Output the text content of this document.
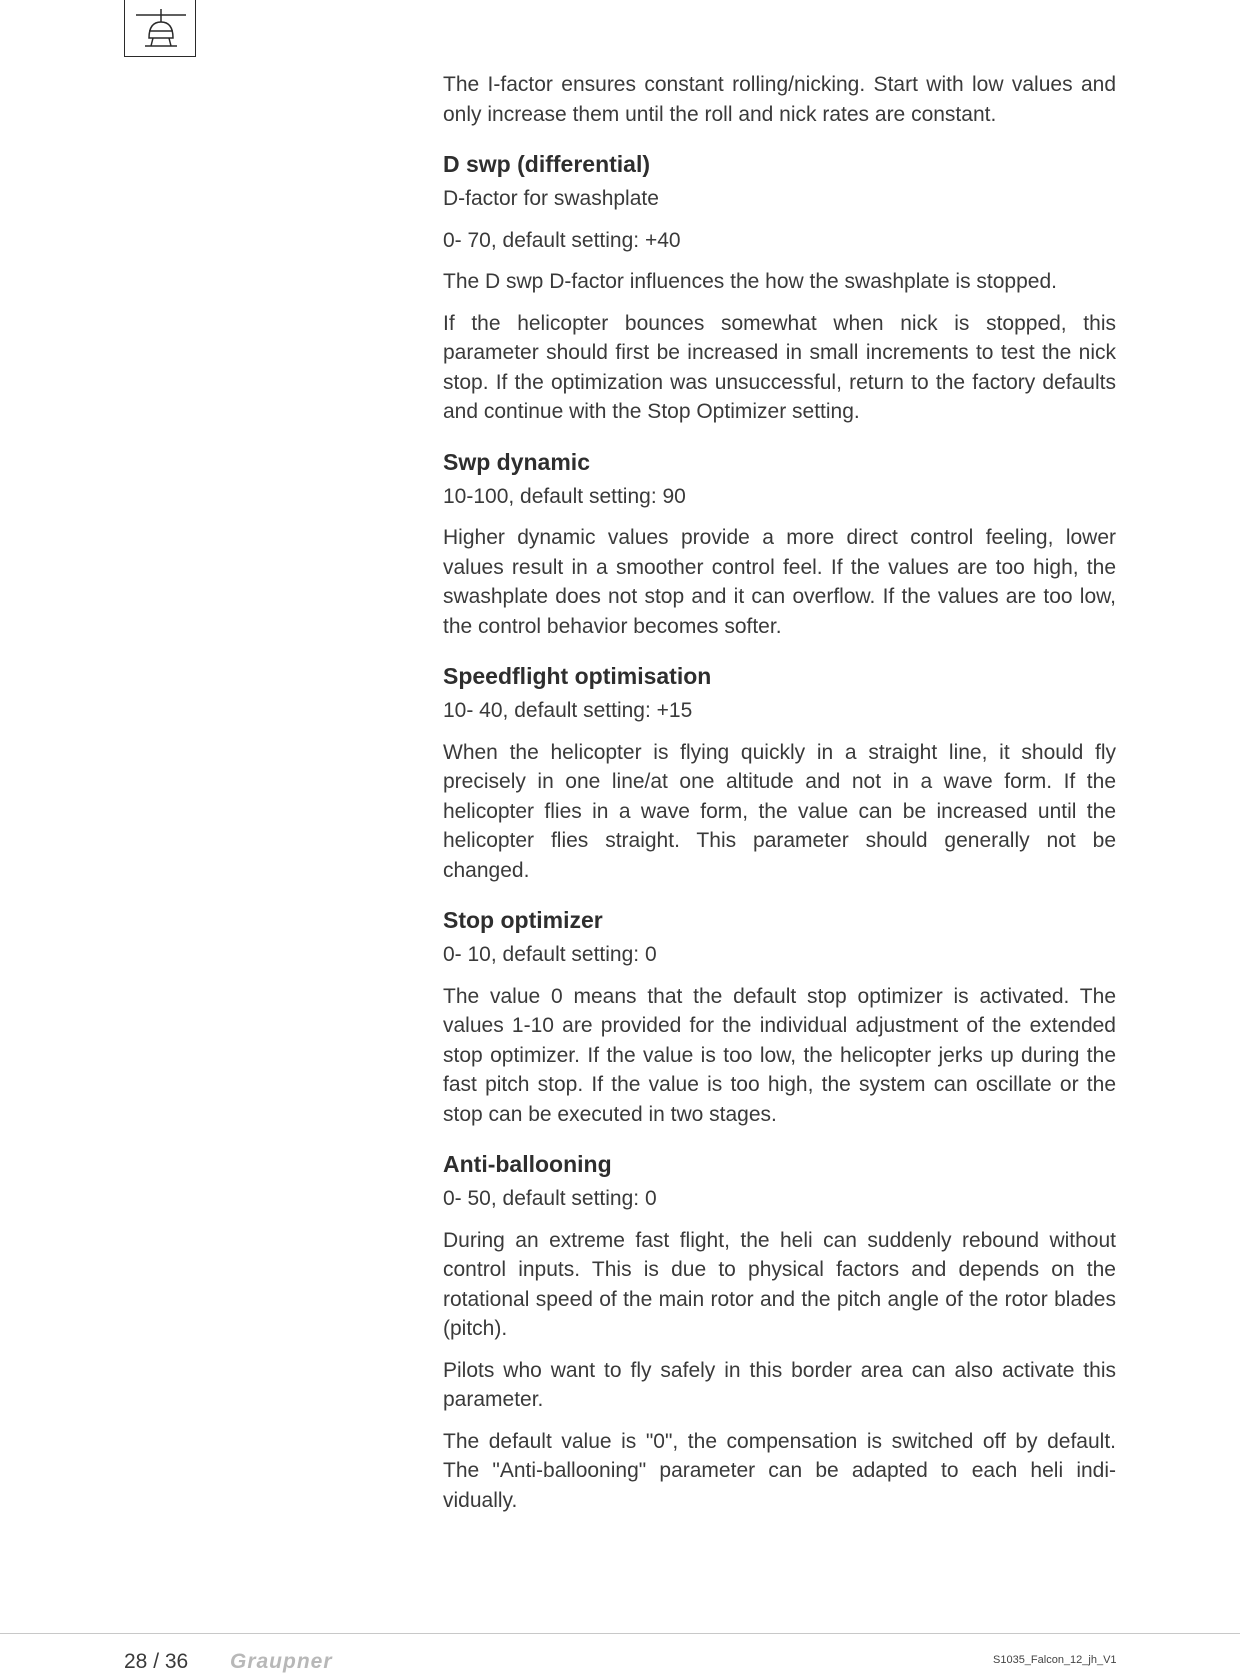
The I-factor ensures constant rolling/nicking. Start with low values and only increase them until the roll and nick rates are constant.

D swp (differential)

D-factor for swashplate

0- 70, default setting: +40

The D swp D-factor influences the how the swashplate is stopped.

If the helicopter bounces somewhat when nick is stopped, this parameter should first be increased in small increments to test the nick stop. If the optimization was unsuccessful, return to the factory defaults and continue with the Stop Optimizer setting.

Swp dynamic

10-100, default setting: 90

Higher dynamic values provide a more direct control feeling, lower values result in a smoother control feel. If the values are too high, the swashplate does not stop and it can overflow. If the values are too low, the control behavior becomes softer.

Speedflight optimisation

10- 40, default setting: +15

When the helicopter is flying quickly in a straight line, it should fly precisely in one line/at one altitude and not in a wave form. If the helicopter flies in a wave form, the value can be increased until the helicopter flies straight. This parameter should generally not be changed.

Stop optimizer

0- 10, default setting: 0

The value 0 means that the default stop optimizer is activated. The values 1-10 are provided for the individual adjustment of the extended stop optimizer. If the value is too low, the helicopter jerks up during the fast pitch stop. If the value is too high, the system can oscillate or the stop can be executed in two stages.

Anti-ballooning

0- 50, default setting: 0

During an extreme fast flight, the heli can suddenly rebound without control inputs. This is due to physical factors and depends on the rotational speed of the main rotor and the pitch angle of the rotor blades (pitch).

Pilots who want to fly safely in this border area can also activate this parameter.

The default value is "0", the compensation is switched off by default. The "Anti-ballooning" parameter can be adapted to each heli indi-vidually.

28 / 36 Graupner	S1035_Falcon_12_jh_V1
